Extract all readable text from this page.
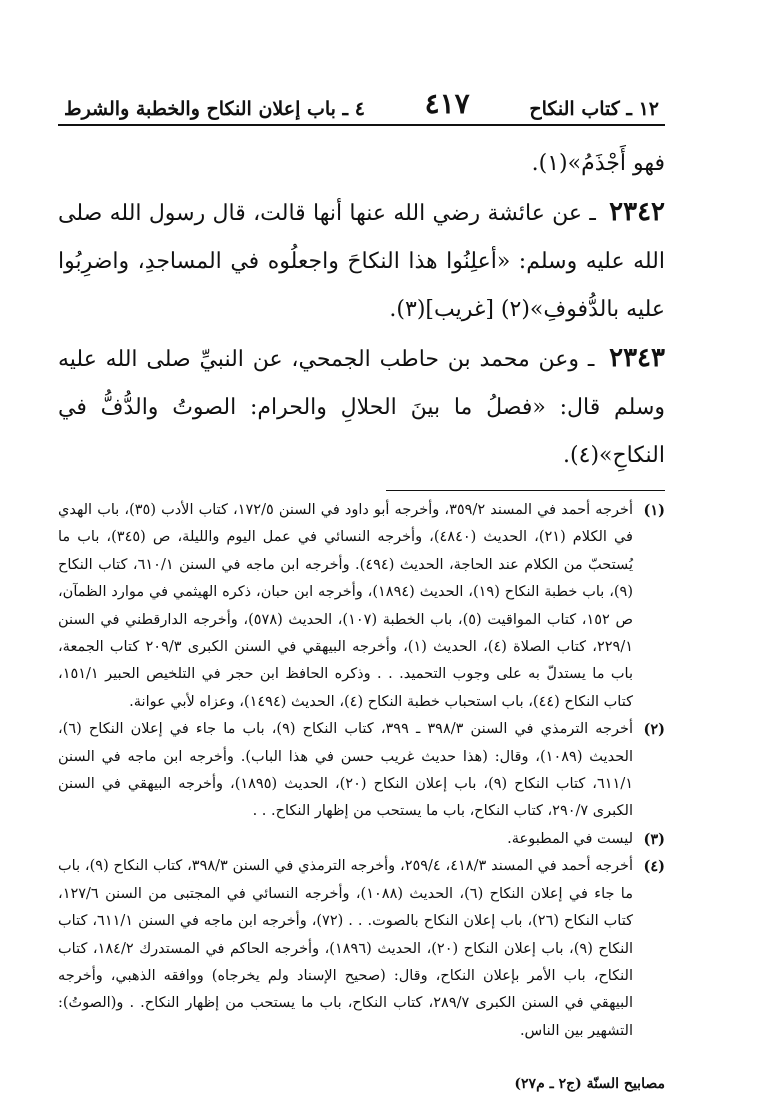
١٢ ـ كتاب النكاح
٤١٧
٤ ـ باب إعلان النكاح والخطبة والشرط

فهو أَجْذَمُ»(١).

٢٣٤٢ ـ عن عائشة رضي الله عنها أنها قالت، قال رسول الله صلى الله عليه وسلم: «أعلِنُوا هذا النكاحَ واجعلُوه في المساجدِ، واضرِبُوا عليه بالدُّفوفِ»(٢) [غريب](٣).

٢٣٤٣ ـ وعن محمد بن حاطب الجمحي، عن النبيِّ صلى الله عليه وسلم قال: «فصلُ ما بينَ الحلالِ والحرام: الصوتُ والدُّفُّ في النكاحِ»(٤).

(١)
أخرجه أحمد في المسند ٣٥٩/٢، وأخرجه أبو داود في السنن ١٧٢/٥، كتاب الأدب (٣٥)، باب الهدي في الكلام (٢١)، الحديث (٤٨٤٠)، وأخرجه النسائي في عمل اليوم والليلة، ص (٣٤٥)، باب ما يُستحبّ من الكلام عند الحاجة، الحديث (٤٩٤). وأخرجه ابن ماجه في السنن ٦١٠/١، كتاب النكاح (٩)، باب خطبة النكاح (١٩)، الحديث (١٨٩٤)، وأخرجه ابن حبان، ذكره الهيثمي في موارد الظمآن، ص ١٥٢، كتاب المواقيت (٥)، باب الخطبة (١٠٧)، الحديث (٥٧٨)، وأخرجه الدارقطني في السنن ٢٢٩/١، كتاب الصلاة (٤)، الحديث (١)، وأخرجه البيهقي في السنن الكبرى ٢٠٩/٣ كتاب الجمعة، باب ما يستدلّ به على وجوب التحميد. . . وذكره الحافظ ابن حجر في التلخيص الحبير ١٥١/١، كتاب النكاح (٤٤)، باب استحباب خطبة النكاح (٤)، الحديث (١٤٩٤)، وعزاه لأبي عوانة.
(٢)
أخرجه الترمذي في السنن ٣٩٨/٣ ـ ٣٩٩، كتاب النكاح (٩)، باب ما جاء في إعلان النكاح (٦)، الحديث (١٠٨٩)، وقال: (هذا حديث غريب حسن في هذا الباب). وأخرجه ابن ماجه في السنن ٦١١/١، كتاب النكاح (٩)، باب إعلان النكاح (٢٠)، الحديث (١٨٩٥)، وأخرجه البيهقي في السنن الكبرى ٢٩٠/٧، كتاب النكاح، باب ما يستحب من إظهار النكاح. . .
(٣)
ليست في المطبوعة.
(٤)
أخرجه أحمد في المسند ٤١٨/٣، ٢٥٩/٤، وأخرجه الترمذي في السنن ٣٩٨/٣، كتاب النكاح (٩)، باب ما جاء في إعلان النكاح (٦)، الحديث (١٠٨٨)، وأخرجه النسائي في المجتبى من السنن ١٢٧/٦، كتاب النكاح (٢٦)، باب إعلان النكاح بالصوت. . . (٧٢)، وأخرجه ابن ماجه في السنن ٦١١/١، كتاب النكاح (٩)، باب إعلان النكاح (٢٠)، الحديث (١٨٩٦)، وأخرجه الحاكم في المستدرك ١٨٤/٢، كتاب النكاح، باب الأمر بإعلان النكاح، وقال: (صحيح الإسناد ولم يخرجاه) ووافقه الذهبي، وأخرجه البيهقي في السنن الكبرى ٢٨٩/٧، كتاب النكاح، باب ما يستحب من إظهار النكاح. . و(الصوتُ): التشهير بين الناس.
مصابيح السنّة (ج٢ ـ م٢٧)
